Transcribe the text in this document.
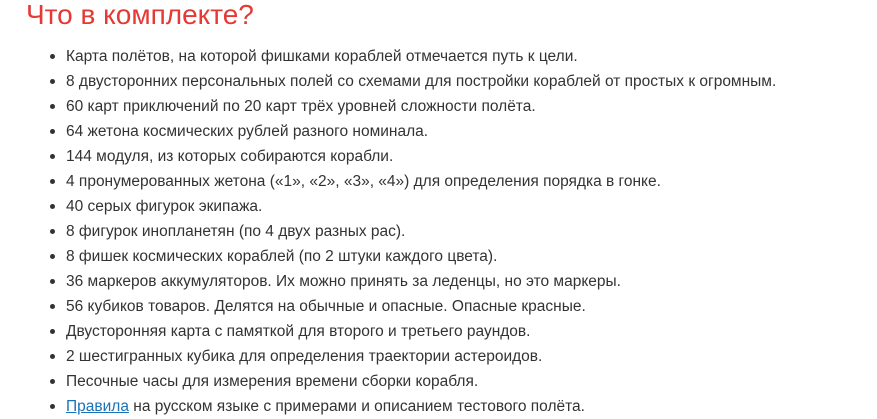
Что в комплекте?
Карта полётов, на которой фишками кораблей отмечается путь к цели.
8 двусторонних персональных полей со схемами для постройки кораблей от простых к огромным.
60 карт приключений по 20 карт трёх уровней сложности полёта.
64 жетона космических рублей разного номинала.
144 модуля, из которых собираются корабли.
4 пронумерованных жетона («1», «2», «3», «4») для определения порядка в гонке.
40 серых фигурок экипажа.
8 фигурок инопланетян (по 4 двух разных рас).
8 фишек космических кораблей (по 2 штуки каждого цвета).
36 маркеров аккумуляторов. Их можно принять за леденцы, но это маркеры.
56 кубиков товаров. Делятся на обычные и опасные. Опасные красные.
Двусторонняя карта с памяткой для второго и третьего раундов.
2 шестигранных кубика для определения траектории астероидов.
Песочные часы для измерения времени сборки корабля.
Правила на русском языке с примерами и описанием тестового полёта.
